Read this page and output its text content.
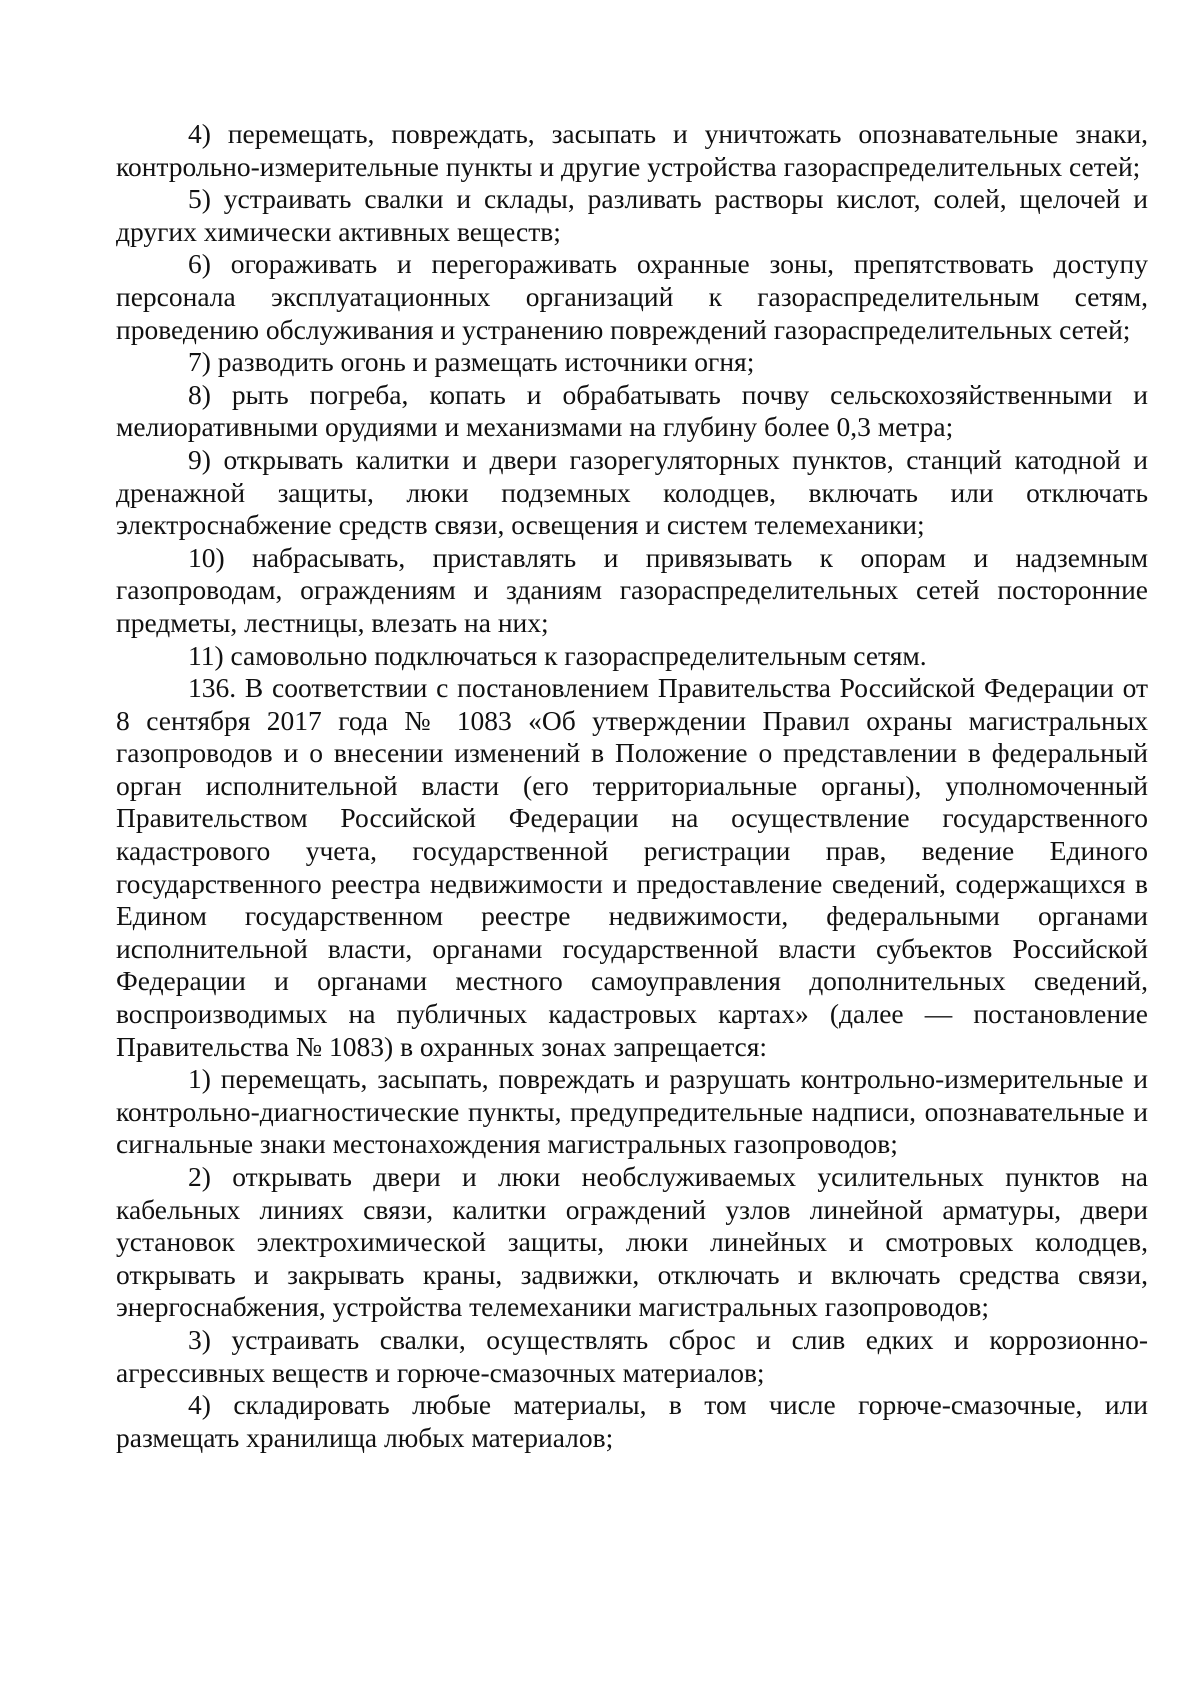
4) перемещать, повреждать, засыпать и уничтожать опознавательные знаки, контрольно-измерительные пункты и другие устройства газораспределительных сетей;

5) устраивать свалки и склады, разливать растворы кислот, солей, щелочей и других химически активных веществ;

6) огораживать и перегораживать охранные зоны, препятствовать доступу персонала эксплуатационных организаций к газораспределительным сетям, проведению обслуживания и устранению повреждений газораспределительных сетей;

7) разводить огонь и размещать источники огня;

8) рыть погреба, копать и обрабатывать почву сельскохозяйственными и мелиоративными орудиями и механизмами на глубину более 0,3 метра;

9) открывать калитки и двери газорегуляторных пунктов, станций катодной и дренажной защиты, люки подземных колодцев, включать или отключать электроснабжение средств связи, освещения и систем телемеханики;

10) набрасывать, приставлять и привязывать к опорам и надземным газопроводам, ограждениям и зданиям газораспределительных сетей посторонние предметы, лестницы, влезать на них;

11) самовольно подключаться к газораспределительным сетям.

136. В соответствии с постановлением Правительства Российской Федерации от 8 сентября 2017 года № 1083 «Об утверждении Правил охраны магистральных газопроводов и о внесении изменений в Положение о представлении в федеральный орган исполнительной власти (его территориальные органы), уполномоченный Правительством Российской Федерации на осуществление государственного кадастрового учета, государственной регистрации прав, ведение Единого государственного реестра недвижимости и предоставление сведений, содержащихся в Едином государственном реестре недвижимости, федеральными органами исполнительной власти, органами государственной власти субъектов Российской Федерации и органами местного самоуправления дополнительных сведений, воспроизводимых на публичных кадастровых картах» (далее — постановление Правительства № 1083) в охранных зонах запрещается:

1) перемещать, засыпать, повреждать и разрушать контрольно-измерительные и контрольно-диагностические пункты, предупредительные надписи, опознавательные и сигнальные знаки местонахождения магистральных газопроводов;

2) открывать двери и люки необслуживаемых усилительных пунктов на кабельных линиях связи, калитки ограждений узлов линейной арматуры, двери установок электрохимической защиты, люки линейных и смотровых колодцев, открывать и закрывать краны, задвижки, отключать и включать средства связи, энергоснабжения, устройства телемеханики магистральных газопроводов;

3) устраивать свалки, осуществлять сброс и слив едких и коррозионно-агрессивных веществ и горюче-смазочных материалов;

4) складировать любые материалы, в том числе горюче-смазочные, или размещать хранилища любых материалов;
